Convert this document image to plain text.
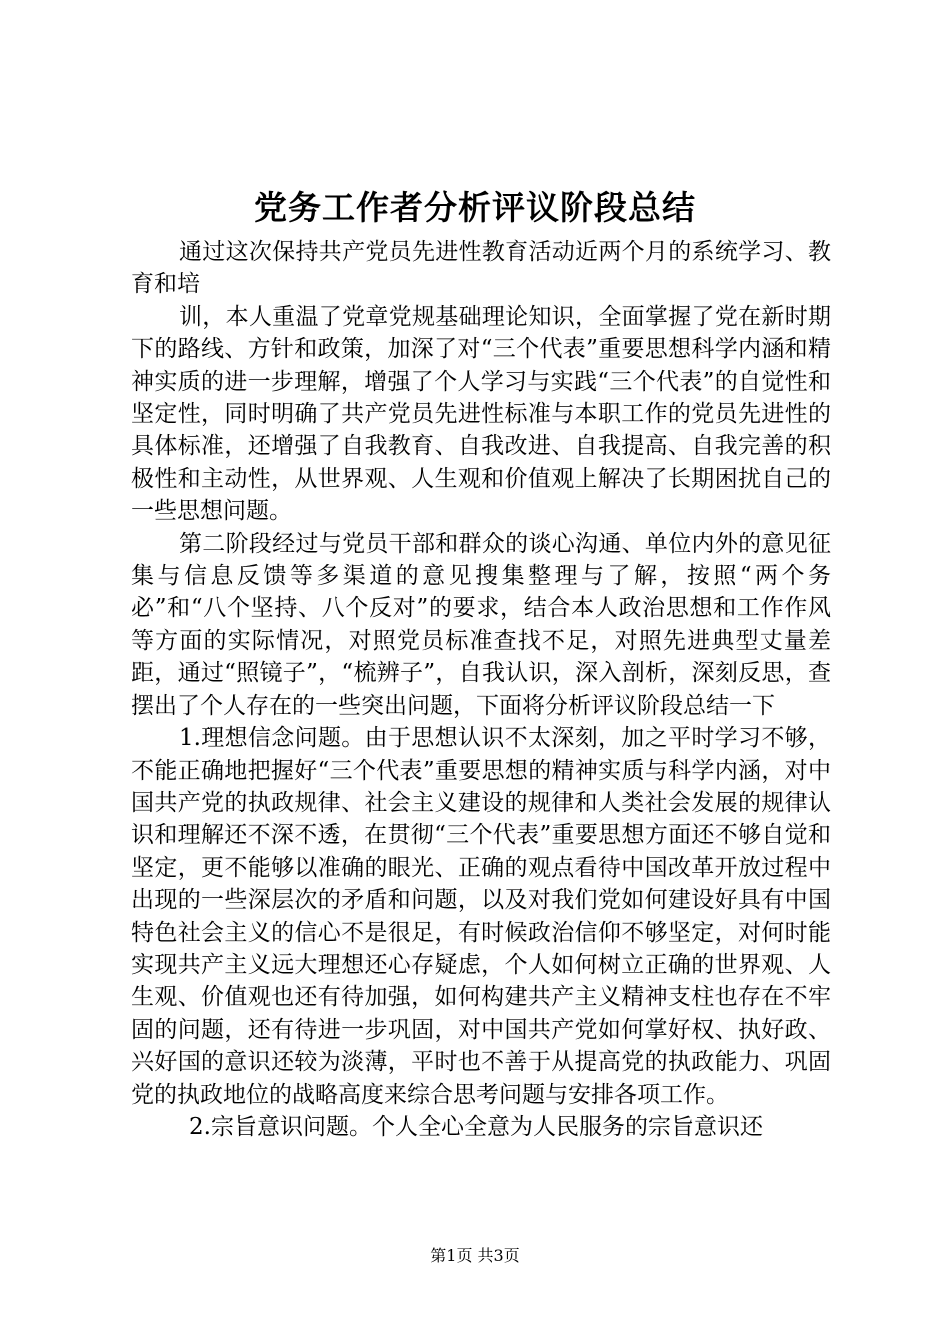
党务工作者分析评议阶段总结

通过这次保持共产党员先进性教育活动近两个月的系统学习、教育和培

训，本人重温了党章党规基础理论知识，全面掌握了党在新时期下的路线、方针和政策，加深了对“三个代表”重要思想科学内涵和精神实质的进一步理解，增强了个人学习与实践“三个代表”的自觉性和坚定性，同时明确了共产党员先进性标准与本职工作的党员先进性的具体标准，还增强了自我教育、自我改进、自我提高、自我完善的积极性和主动性，从世界观、人生观和价值观上解决了长期困扰自己的一些思想问题。

第二阶段经过与党员干部和群众的谈心沟通、单位内外的意见征集与信息反馈等多渠道的意见搜集整理与了解，按照“两个务必”和“八个坚持、八个反对”的要求，结合本人政治思想和工作作风等方面的实际情况，对照党员标准查找不足，对照先进典型丈量差距，通过“照镜子”，“梳辨子”，自我认识，深入剖析，深刻反思，查摆出了个人存在的一些突出问题，下面将分析评议阶段总结一下

1.理想信念问题。由于思想认识不太深刻，加之平时学习不够，不能正确地把握好“三个代表”重要思想的精神实质与科学内涵，对中国共产党的执政规律、社会主义建设的规律和人类社会发展的规律认识和理解还不深不透，在贯彻“三个代表”重要思想方面还不够自觉和坚定，更不能够以准确的眼光、正确的观点看待中国改革开放过程中出现的一些深层次的矛盾和问题，以及对我们党如何建设好具有中国特色社会主义的信心不是很足，有时候政治信仰不够坚定，对何时能实现共产主义远大理想还心存疑虑，个人如何树立正确的世界观、人生观、价值观也还有待加强，如何构建共产主义精神支柱也存在不牢固的问题，还有待进一步巩固，对中国共产党如何掌好权、执好政、兴好国的意识还较为淡薄，平时也不善于从提高党的执政能力、巩固党的执政地位的战略高度来综合思考问题与安排各项工作。

2.宗旨意识问题。个人全心全意为人民服务的宗旨意识还

第1页 共3页
